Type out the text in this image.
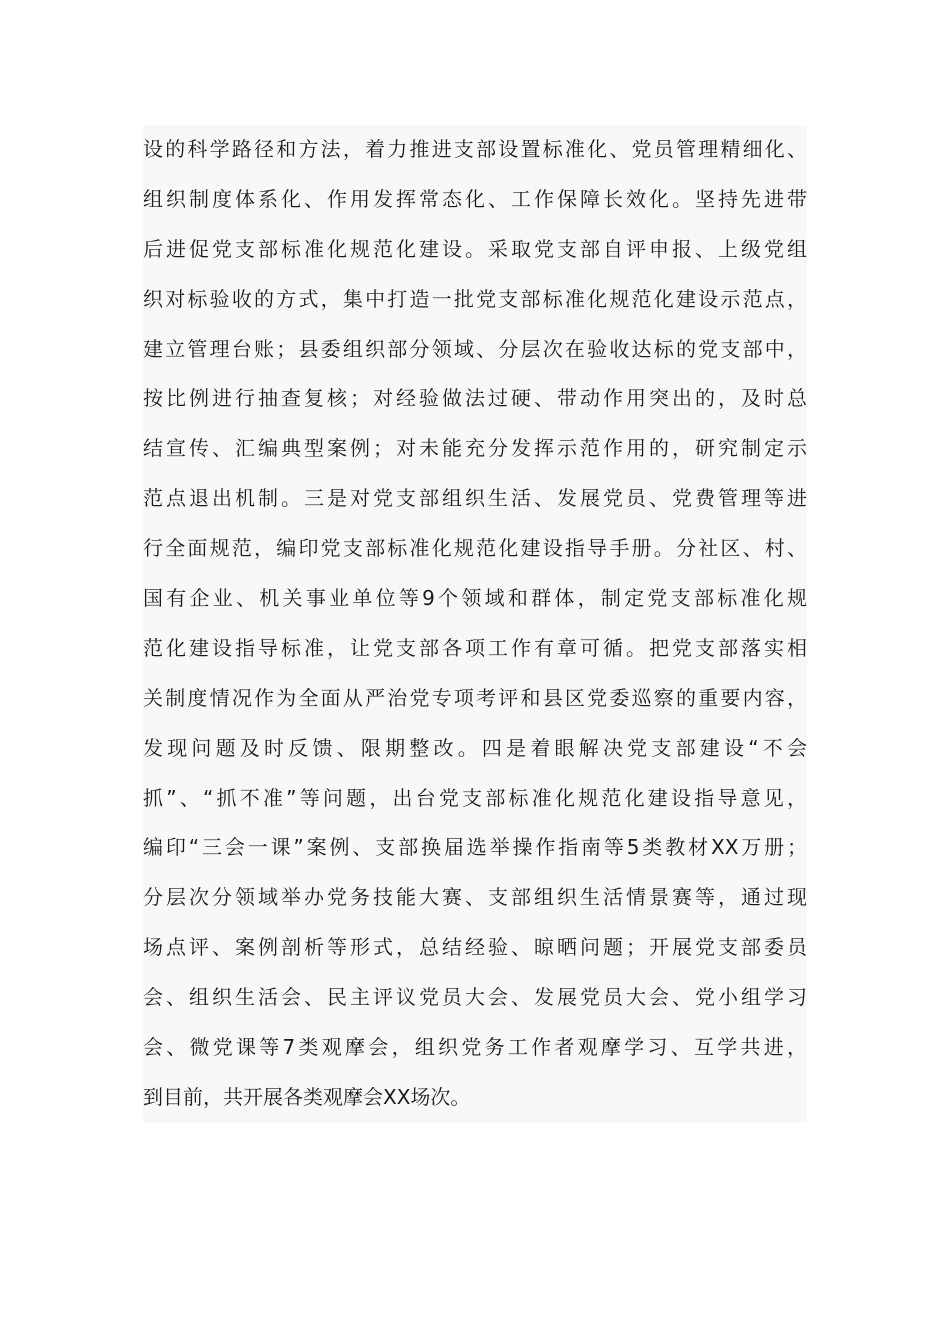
设的科学路径和方法，着力推进支部设置标准化、党员管理精细化、
组织制度体系化、作用发挥常态化、工作保障长效化。坚持先进带
后进促党支部标准化规范化建设。采取党支部自评申报、上级党组
织对标验收的方式，集中打造一批党支部标准化规范化建设示范点，
建立管理台账；县委组织部分领域、分层次在验收达标的党支部中，
按比例进行抽查复核；对经验做法过硬、带动作用突出的，及时总
结宣传、汇编典型案例；对未能充分发挥示范作用的，研究制定示
范点退出机制。三是对党支部组织生活、发展党员、党费管理等进
行全面规范，编印党支部标准化规范化建设指导手册。分社区、村、
国有企业、机关事业单位等9个领域和群体，制定党支部标准化规
范化建设指导标准，让党支部各项工作有章可循。把党支部落实相
关制度情况作为全面从严治党专项考评和县区党委巡察的重要内容，
发现问题及时反馈、限期整改。四是着眼解决党支部建设“不会
抓”、“抓不准”等问题，出台党支部标准化规范化建设指导意见，
编印“三会一课”案例、支部换届选举操作指南等5类教材XX万册；
分层次分领域举办党务技能大赛、支部组织生活情景赛等，通过现
场点评、案例剖析等形式，总结经验、晾晒问题；开展党支部委员
会、组织生活会、民主评议党员大会、发展党员大会、党小组学习
会、微党课等7类观摩会，组织党务工作者观摩学习、互学共进，
到目前，共开展各类观摩会XX场次。
